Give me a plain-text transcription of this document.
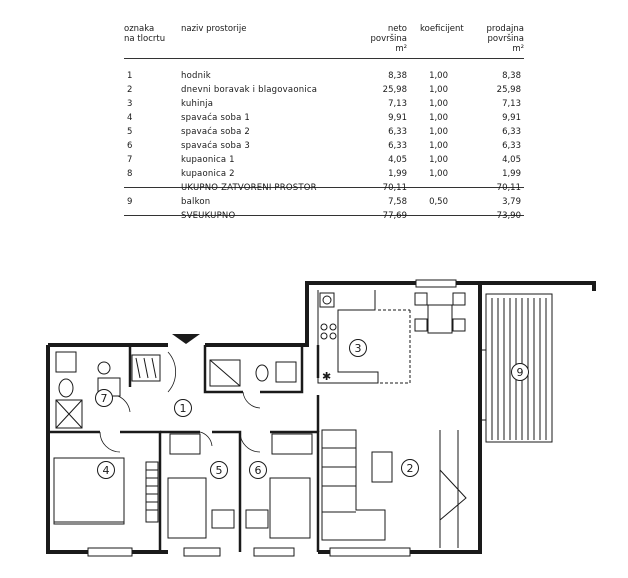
oznaka
na tlocrtu
naziv prostorije	neto
površina
m²
koeficijent	prodajna
površina
m²
1	hodnik	8,38	1,00	8,38
2	dnevni boravak i blagovaonica	25,98	1,00	25,98
3	kuhinja	7,13	1,00	7,13
4	spavaća soba 1	9,91	1,00	9,91
5	spavaća soba 2	6,33	1,00	6,33
6	spavaća soba 3	6,33	1,00	6,33
7	kupaonica 1	4,05	1,00	4,05
8	kupaonica 2	1,99	1,00	1,99
UKUPNO ZATVORENI PROSTOR	70,11	70,11
9	balkon	7,58	0,50	3,79
SVEUKUPNO	77,69	73,90
✱
1
2
3
4	5	6
7
9
